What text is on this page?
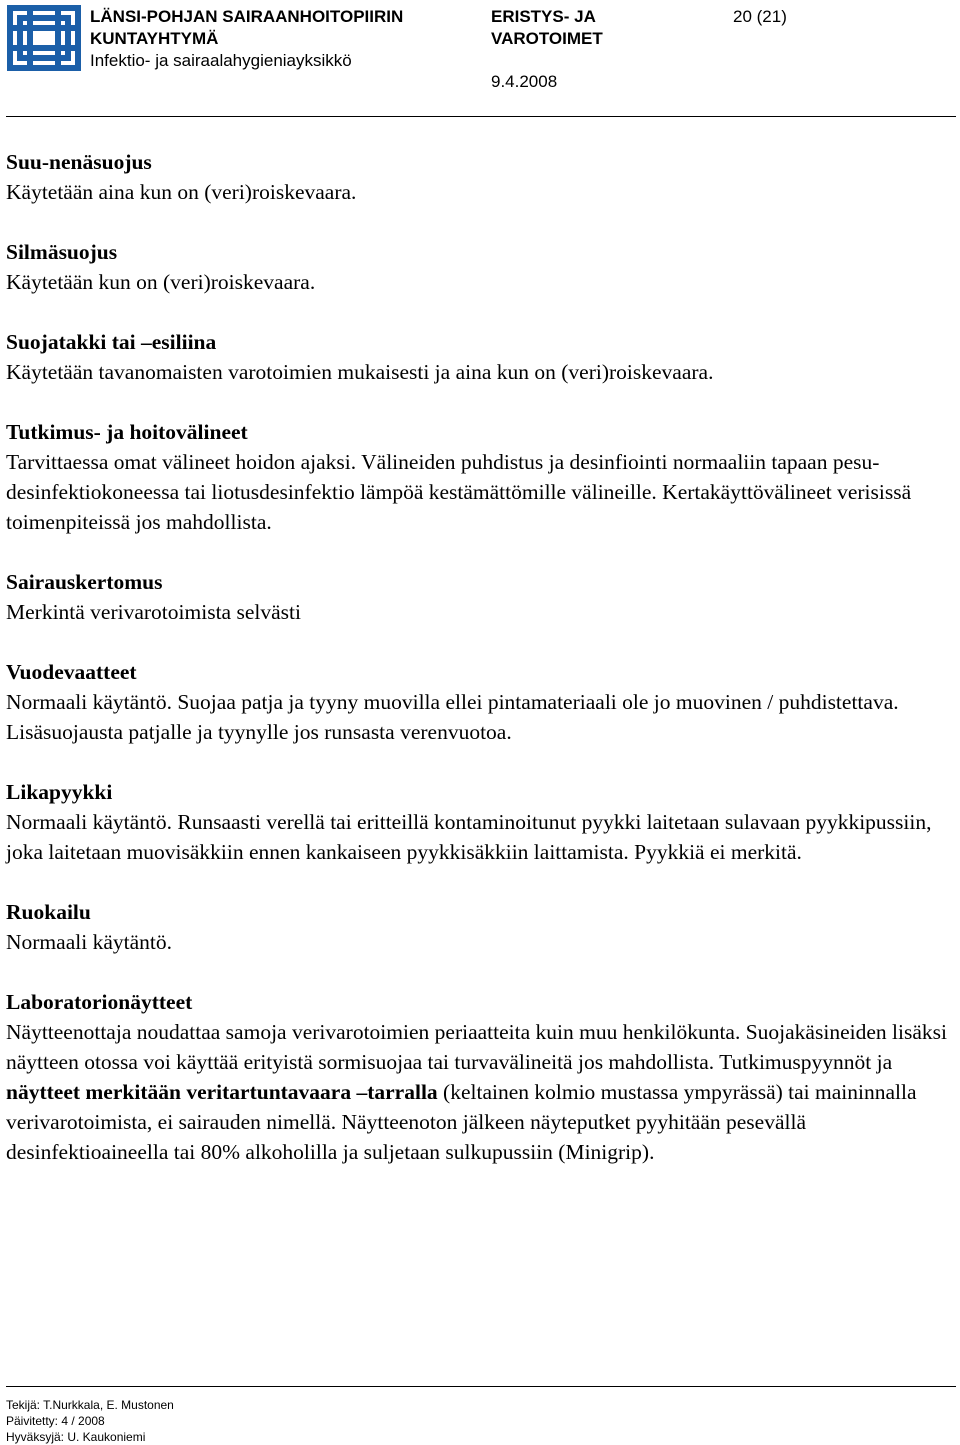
LÄNSI-POHJAN SAIRAANHOITOPIIRIN
KUNTAYHTYMÄ
Infektio- ja sairaalahygieniayksikkö
ERISTYS- JA
VAROTOIMET
9.4.2008
20 (21)
Suu-nenäsuojus

Käytetään aina kun on (veri)roiskevaara.

Silmäsuojus

Käytetään kun on (veri)roiskevaara.

Suojatakki tai –esiliina

Käytetään tavanomaisten varotoimien mukaisesti ja aina kun on (veri)roiskevaara.

Tutkimus- ja hoitovälineet

Tarvittaessa omat välineet hoidon ajaksi. Välineiden puhdistus ja desinfiointi normaaliin tapaan pesu-desinfektiokoneessa tai liotusdesinfektio lämpöä kestämättömille välineille. Kertakäyttövälineet verisissä toimenpiteissä jos mahdollista.

Sairauskertomus

Merkintä verivarotoimista selvästi

Vuodevaatteet

Normaali käytäntö. Suojaa patja ja tyyny muovilla ellei pintamateriaali ole jo muovinen / puhdistettava. Lisäsuojausta patjalle ja tyynylle jos runsasta verenvuotoa.

Likapyykki

Normaali käytäntö. Runsaasti verellä tai eritteillä kontaminoitunut pyykki laitetaan sulavaan pyykkipussiin, joka laitetaan muovisäkkiin ennen kankaiseen pyykkisäkkiin laittamista. Pyykkiä ei merkitä.

Ruokailu

Normaali käytäntö.

Laboratorionäytteet

Näytteenottaja noudattaa samoja verivarotoimien periaatteita kuin muu henkilökunta. Suojakäsineiden lisäksi näytteen otossa voi käyttää erityistä sormisuojaa tai turvavälineitä jos mahdollista. Tutkimuspyynnöt ja näytteet merkitään veritartuntavaara –tarralla (keltainen kolmio mustassa ympyrässä) tai maininnalla verivarotoimista, ei sairauden nimellä. Näytteenoton jälkeen näyteputket pyyhitään pesevällä desinfektioaineella tai 80% alkoholilla ja suljetaan sulkupussiin (Minigrip).

Tekijä: T.Nurkkala, E. Mustonen
Päivitetty: 4 / 2008
Hyväksyjä: U. Kaukoniemi
